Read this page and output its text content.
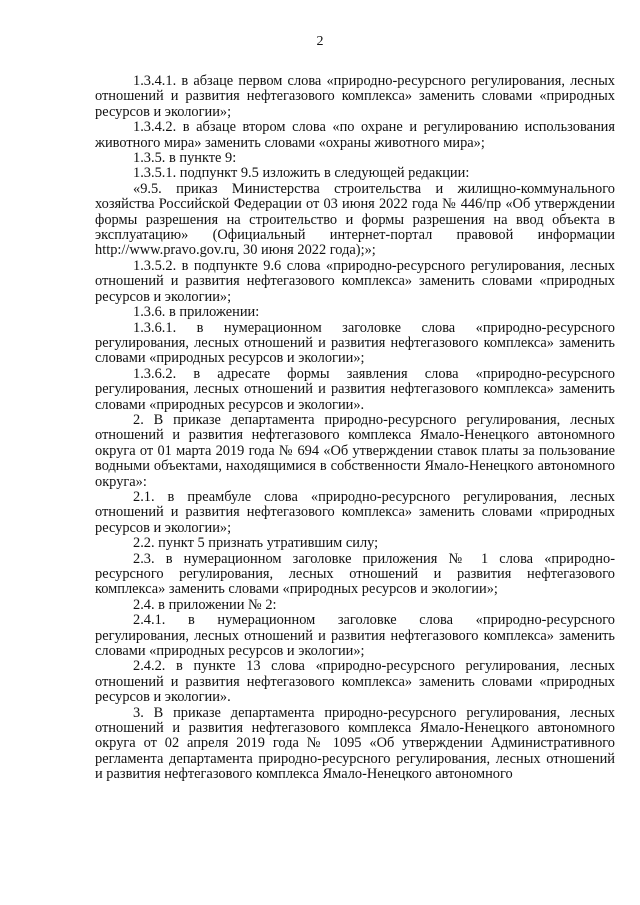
2

1.3.4.1. в абзаце первом слова «природно-ресурсного регулирования, лесных отношений и развития нефтегазового комплекса» заменить словами «природных ресурсов и экологии»;

1.3.4.2. в абзаце втором слова «по охране и регулированию использования животного мира» заменить словами «охраны животного мира»;

1.3.5. в пункте 9:

1.3.5.1. подпункт 9.5 изложить в следующей редакции:

«9.5. приказ Министерства строительства и жилищно-коммунального хозяйства Российской Федерации от 03 июня 2022 года № 446/пр «Об утверждении формы разрешения на строительство и формы разрешения на ввод объекта в эксплуатацию» (Официальный интернет-портал правовой информации http://www.pravo.gov.ru, 30 июня 2022 года);»;

1.3.5.2. в подпункте 9.6 слова «природно-ресурсного регулирования, лесных отношений и развития нефтегазового комплекса» заменить словами «природных ресурсов и экологии»;

1.3.6. в приложении:

1.3.6.1. в нумерационном заголовке слова «природно-ресурсного регулирования, лесных отношений и развития нефтегазового комплекса» заменить словами «природных ресурсов и экологии»;

1.3.6.2. в адресате формы заявления слова «природно-ресурсного регулирования, лесных отношений и развития нефтегазового комплекса» заменить словами «природных ресурсов и экологии».

2. В приказе департамента природно-ресурсного регулирования, лесных отношений и развития нефтегазового комплекса Ямало-Ненецкого автономного округа от 01 марта 2019 года № 694 «Об утверждении ставок платы за пользование водными объектами, находящимися в собственности Ямало-Ненецкого автономного округа»:

2.1. в преамбуле слова «природно-ресурсного регулирования, лесных отношений и развития нефтегазового комплекса» заменить словами «природных ресурсов и экологии»;

2.2. пункт 5 признать утратившим силу;

2.3. в нумерационном заголовке приложения № 1 слова «природно-ресурсного регулирования, лесных отношений и развития нефтегазового комплекса» заменить словами «природных ресурсов и экологии»;

2.4. в приложении № 2:

2.4.1. в нумерационном заголовке слова «природно-ресурсного регулирования, лесных отношений и развития нефтегазового комплекса» заменить словами «природных ресурсов и экологии»;

2.4.2. в пункте 13 слова «природно-ресурсного регулирования, лесных отношений и развития нефтегазового комплекса» заменить словами «природных ресурсов и экологии».

3. В приказе департамента природно-ресурсного регулирования, лесных отношений и развития нефтегазового комплекса Ямало-Ненецкого автономного округа от 02 апреля 2019 года № 1095 «Об утверждении Административного регламента департамента природно-ресурсного регулирования, лесных отношений и развития нефтегазового комплекса Ямало-Ненецкого автономного
